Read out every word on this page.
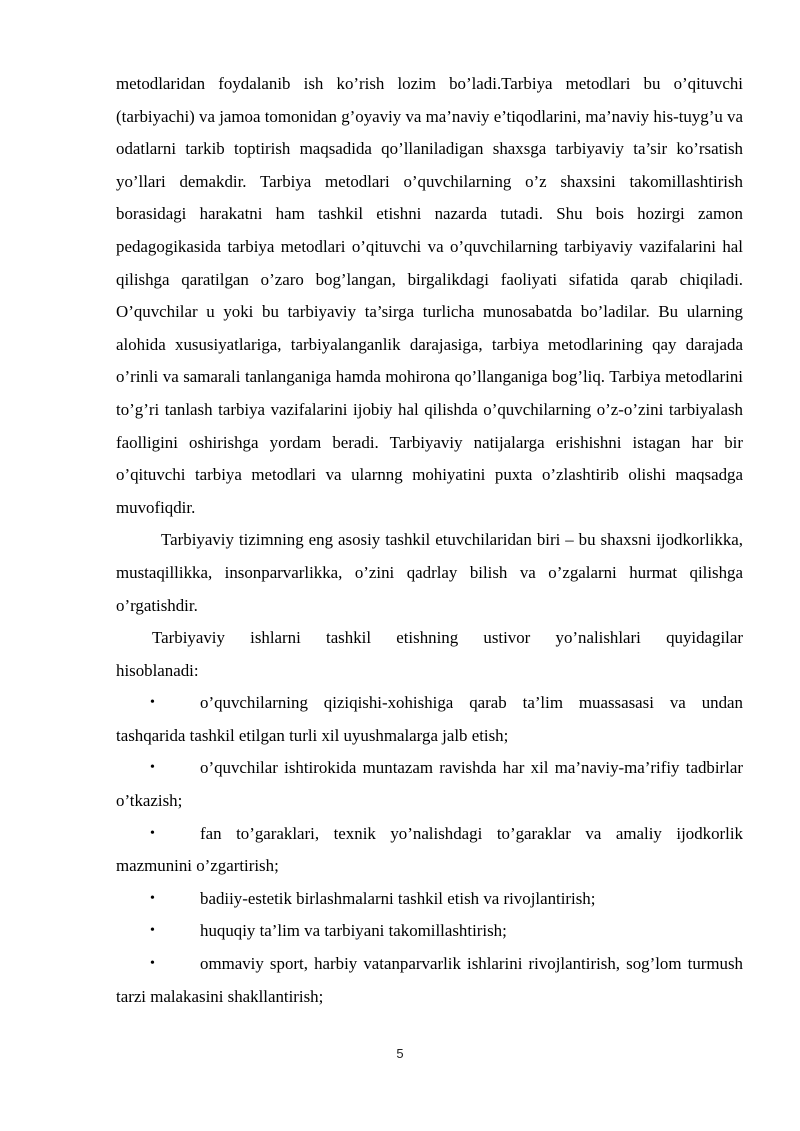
metodlaridan foydalanib ish ko’rish lozim bo’ladi.Tarbiya metodlari bu o’qituvchi (tarbiyachi) va jamoa tomonidan g’oyaviy va ma’naviy e’tiqodlarini, ma’naviy his-tuyg’u va odatlarni tarkib toptirish maqsadida qo’llaniladigan shaxsga tarbiyaviy ta’sir ko’rsatish yo’llari demakdir. Tarbiya metodlari o’quvchilarning o’z shaxsini takomillashtirish borasidagi harakatni ham tashkil etishni nazarda tutadi. Shu bois hozirgi zamon pedagogikasida tarbiya metodlari o’qituvchi va o’quvchilarning tarbiyaviy vazifalarini hal qilishga qaratilgan o’zaro bog’langan, birgalikdagi faoliyati sifatida qarab chiqiladi. O’quvchilar u yoki bu tarbiyaviy ta’sirga turlicha munosabatda bo’ladilar. Bu ularning alohida xususiyatlariga, tarbiyalanganlik darajasiga, tarbiya metodlarining qay darajada o’rinli va samarali tanlanganiga hamda mohirona qo’llanganiga bog’liq. Tarbiya metodlarini to’g’ri tanlash tarbiya vazifalarini ijobiy hal qilishda o’quvchilarning o’z-o’zini tarbiyalash faolligini oshirishga yordam beradi. Tarbiyaviy natijalarga erishishni istagan har bir o’qituvchi tarbiya metodlari va ularnng mohiyatini puxta o’zlashtirib olishi maqsadga muvofiqdir.

Tarbiyaviy tizimning eng asosiy tashkil etuvchilaridan biri – bu shaxsni ijodkorlikka, mustaqillikka, insonparvarlikka, o’zini qadrlay bilish va o’zgalarni hurmat qilishga o’rgatishdir.

Tarbiyaviy ishlarni tashkil etishning ustivor yo’nalishlari quyidagilar hisoblanadi:

•	o’quvchilarning qiziqishi-xohishiga qarab ta’lim muassasasi va undan tashqarida tashkil etilgan turli xil uyushmalarga jalb etish;

•	o’quvchilar ishtirokida muntazam ravishda har xil ma’naviy-ma’rifiy tadbirlar o’tkazish;

•	fan to’garaklari, texnik yo’nalishdagi to’garaklar va amaliy ijodkorlik mazmunini o’zgartirish;

•	badiiy-estetik birlashmalarni tashkil etish va rivojlantirish;

•	huquqiy ta’lim va tarbiyani takomillashtirish;

•	ommaviy sport, harbiy vatanparvarlik ishlarini rivojlantirish, sog’lom turmush tarzi malakasini shakllantirish;

5
